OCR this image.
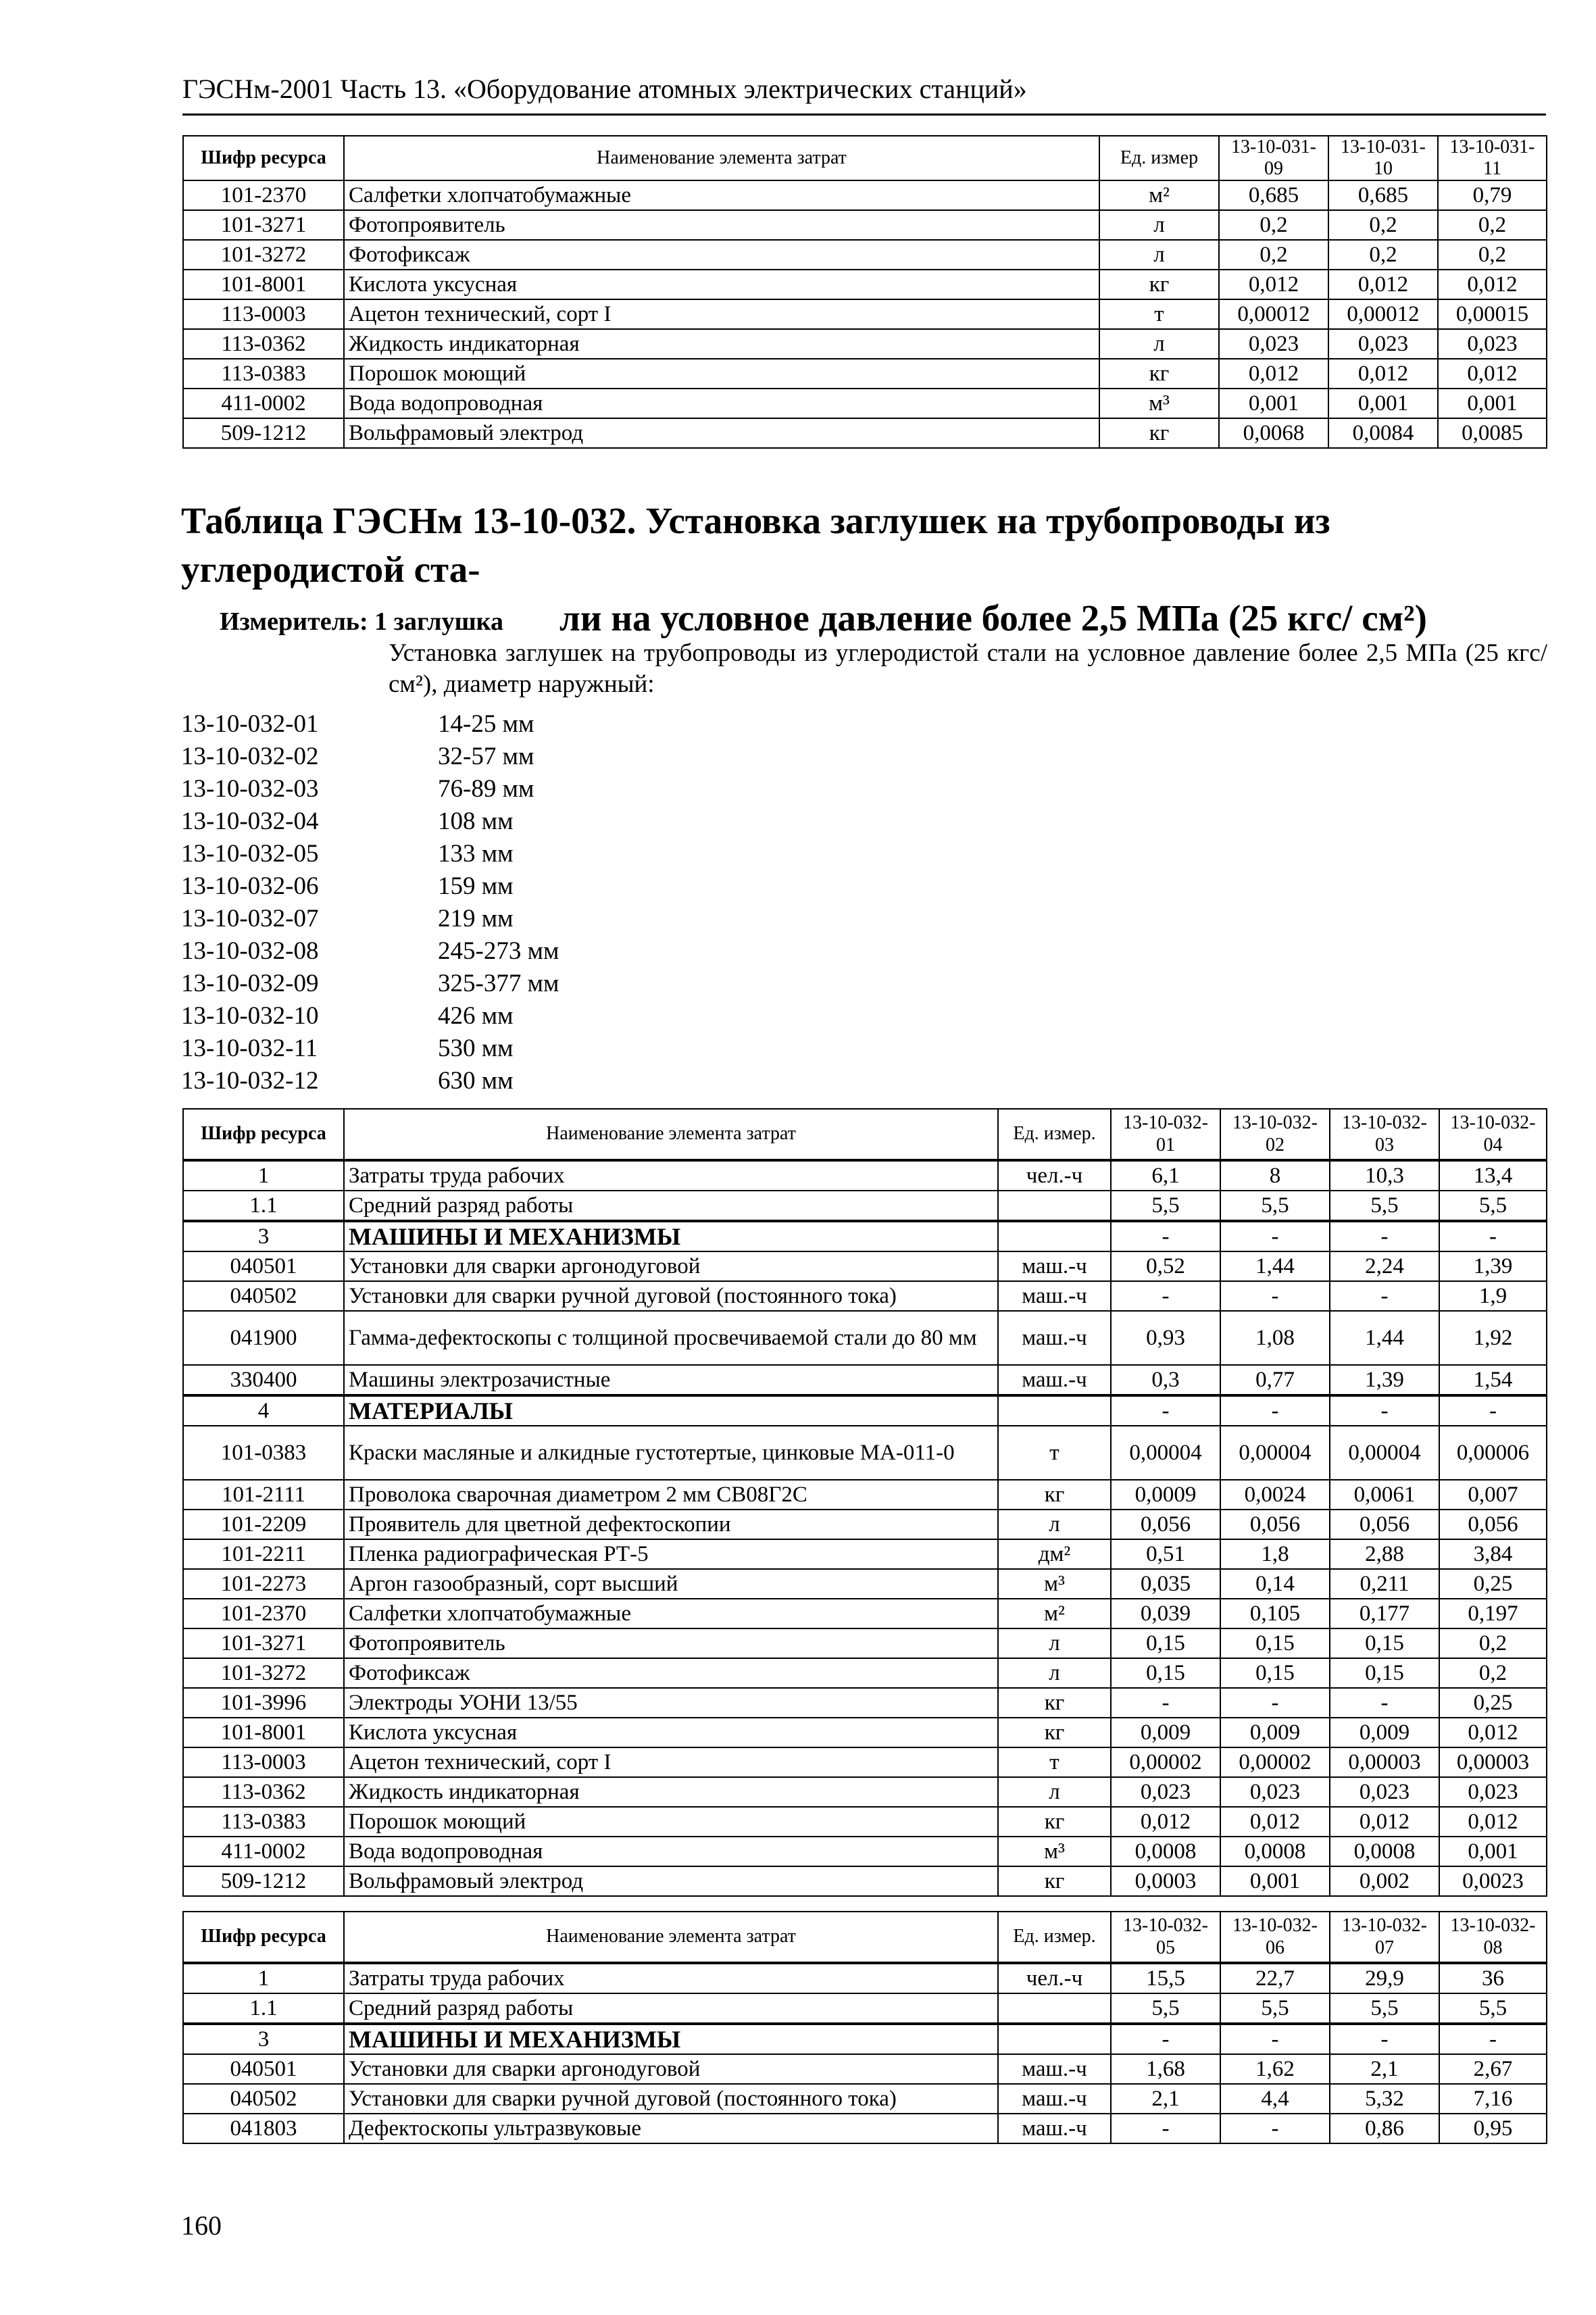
ГЭСНм-2001 Часть 13. «Оборудование атомных электрических станций»
Шифр ресурса	Наименование элемента затрат	Ед. измер	13-10-031-09	13-10-031-10	13-10-031-11
101-2370	Салфетки хлопчатобумажные	м²	0,685	0,685	0,79
101-3271	Фотопроявитель	л	0,2	0,2	0,2
101-3272	Фотофиксаж	л	0,2	0,2	0,2
101-8001	Кислота уксусная	кг	0,012	0,012	0,012
113-0003	Ацетон технический, сорт I	т	0,00012	0,00012	0,00015
113-0362	Жидкость индикаторная	л	0,023	0,023	0,023
113-0383	Порошок моющий	кг	0,012	0,012	0,012
411-0002	Вода водопроводная	м³	0,001	0,001	0,001
509-1212	Вольфрамовый электрод	кг	0,0068	0,0084	0,0085
Таблица ГЭСНм 13-10-032. Установка заглушек на трубопроводы из углеродистой ста-
ли на условное давление более 2,5 МПа (25 кгс/ см²)
Измеритель: 1 заглушка
Установка заглушек на трубопроводы из углеродистой стали на условное давление более 2,5 МПа (25 кгс/см²), диаметр наружный:
13-10-032-01	14-25 мм
13-10-032-02	32-57 мм
13-10-032-03	76-89 мм
13-10-032-04	108 мм
13-10-032-05	133 мм
13-10-032-06	159 мм
13-10-032-07	219 мм
13-10-032-08	245-273 мм
13-10-032-09	325-377 мм
13-10-032-10	426 мм
13-10-032-11	530 мм
13-10-032-12	630 мм
Шифр ресурса	Наименование элемента затрат	Ед. измер.	13-10-032-01	13-10-032-02	13-10-032-03	13-10-032-04
1	Затраты труда рабочих	чел.-ч	6,1	8	10,3	13,4
1.1	Средний разряд работы		5,5	5,5	5,5	5,5
3	МАШИНЫ И МЕХАНИЗМЫ		-	-	-	-
040501	Установки для сварки аргонодуговой	маш.-ч	0,52	1,44	2,24	1,39
040502	Установки для сварки ручной дуговой (постоянного тока)	маш.-ч	-	-	-	1,9
041900	Гамма-дефектоскопы с толщиной просвечиваемой стали до 80 мм	маш.-ч	0,93	1,08	1,44	1,92
330400	Машины электрозачистные	маш.-ч	0,3	0,77	1,39	1,54
4	МАТЕРИАЛЫ		-	-	-	-
101-0383	Краски масляные и алкидные густотертые, цинковые МА-011-0	т	0,00004	0,00004	0,00004	0,00006
101-2111	Проволока сварочная диаметром 2 мм СВ08Г2С	кг	0,0009	0,0024	0,0061	0,007
101-2209	Проявитель для цветной дефектоскопии	л	0,056	0,056	0,056	0,056
101-2211	Пленка радиографическая РТ-5	дм²	0,51	1,8	2,88	3,84
101-2273	Аргон газообразный, сорт высший	м³	0,035	0,14	0,211	0,25
101-2370	Салфетки хлопчатобумажные	м²	0,039	0,105	0,177	0,197
101-3271	Фотопроявитель	л	0,15	0,15	0,15	0,2
101-3272	Фотофиксаж	л	0,15	0,15	0,15	0,2
101-3996	Электроды УОНИ 13/55	кг	-	-	-	0,25
101-8001	Кислота уксусная	кг	0,009	0,009	0,009	0,012
113-0003	Ацетон технический, сорт I	т	0,00002	0,00002	0,00003	0,00003
113-0362	Жидкость индикаторная	л	0,023	0,023	0,023	0,023
113-0383	Порошок моющий	кг	0,012	0,012	0,012	0,012
411-0002	Вода водопроводная	м³	0,0008	0,0008	0,0008	0,001
509-1212	Вольфрамовый электрод	кг	0,0003	0,001	0,002	0,0023
Шифр ресурса	Наименование элемента затрат	Ед. измер.	13-10-032-05	13-10-032-06	13-10-032-07	13-10-032-08
1	Затраты труда рабочих	чел.-ч	15,5	22,7	29,9	36
1.1	Средний разряд работы		5,5	5,5	5,5	5,5
3	МАШИНЫ И МЕХАНИЗМЫ		-	-	-	-
040501	Установки для сварки аргонодуговой	маш.-ч	1,68	1,62	2,1	2,67
040502	Установки для сварки ручной дуговой (постоянного тока)	маш.-ч	2,1	4,4	5,32	7,16
041803	Дефектоскопы ультразвуковые	маш.-ч	-	-	0,86	0,95
160
